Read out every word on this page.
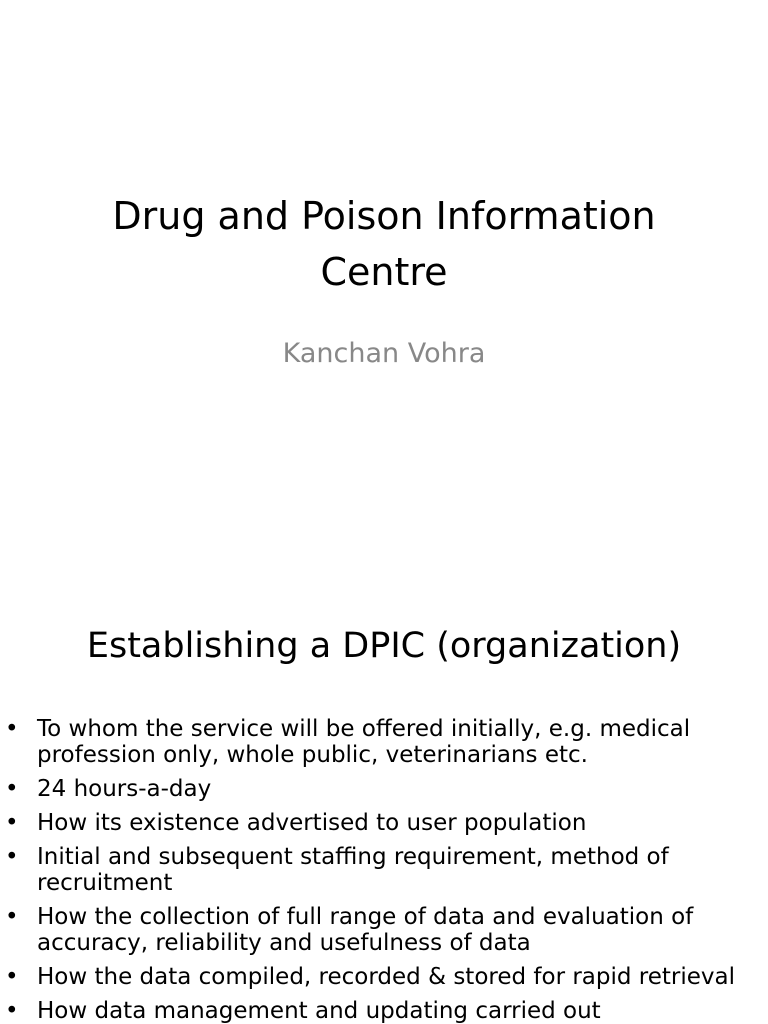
Drug and Poison Information
Centre

Kanchan Vohra

Establishing a DPIC (organization)
• To whom the service will be offered initially, e.g. medical profession only, whole public, veterinarians etc.
• 24 hours-a-day
• How its existence advertised to user population
• Initial and subsequent staffing requirement, method of recruitment
• How the collection of full range of data and evaluation of accuracy, reliability and usefulness of data
• How the data compiled, recorded & stored for rapid retrieval
• How data management and updating carried out
